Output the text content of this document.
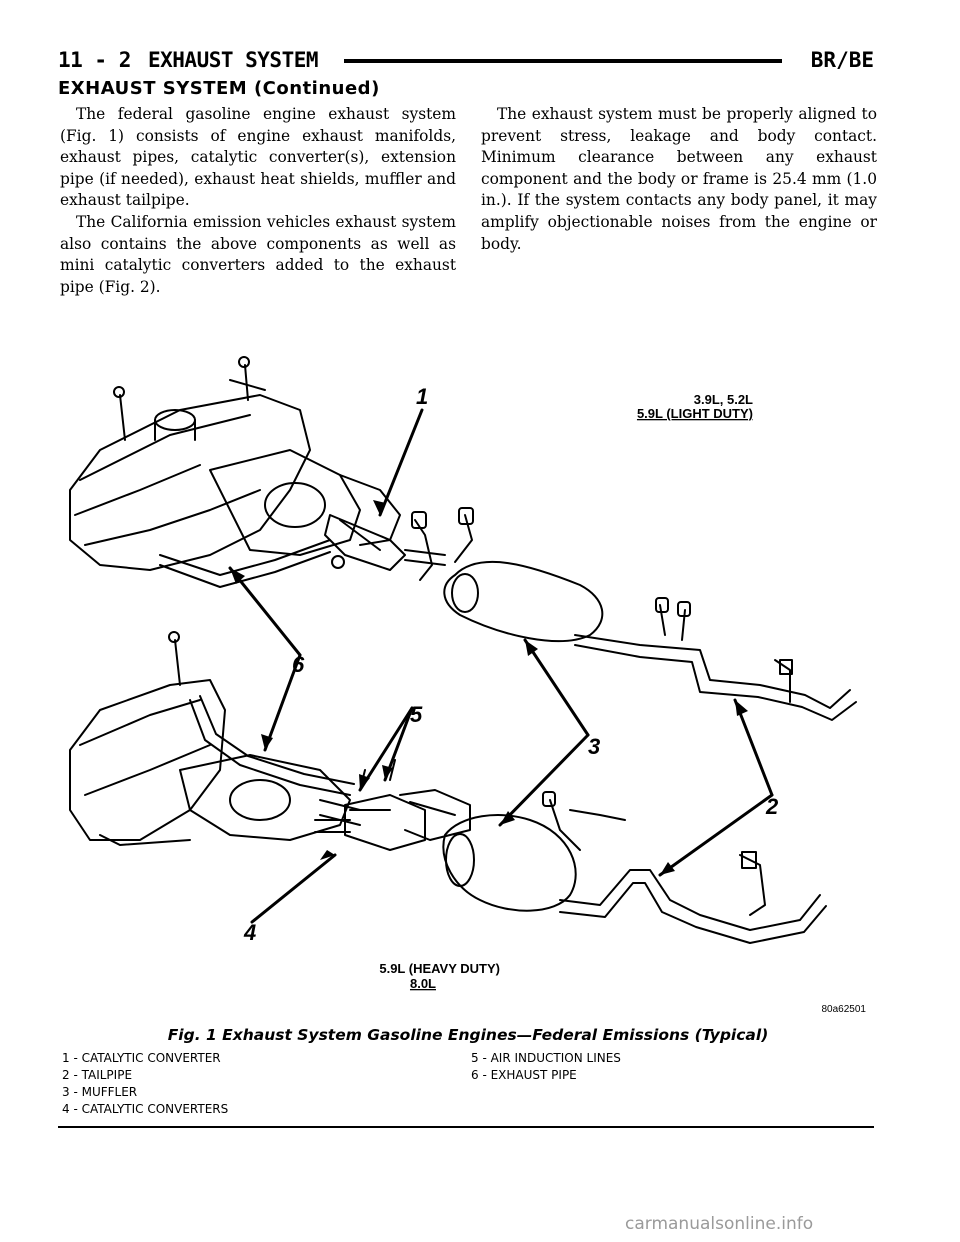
11 - 2 EXHAUST SYSTEM	BR/BE
EXHAUST SYSTEM (Continued)

The federal gasoline engine exhaust system (Fig. 1) consists of engine exhaust manifolds, exhaust pipes, catalytic converter(s), extension pipe (if needed), exhaust heat shields, muffler and exhaust tailpipe.

The California emission vehicles exhaust system also contains the above components as well as mini catalytic converters added to the exhaust pipe (Fig. 2).

The exhaust system must be properly aligned to prevent stress, leakage and body contact. Minimum clearance between any exhaust component and the body or frame is 25.4 mm (1.0 in.). If the system contacts any body panel, it may amplify objectionable noises from the engine or body.

1
2
3
4
5
6
3.9L, 5.2L
5.9L (LIGHT DUTY)
5.9L (HEAVY DUTY)
8.0L
80a62501
Fig. 1 Exhaust System Gasoline Engines—Federal Emissions (Typical)
1 - CATALYTIC CONVERTER
2 - TAILPIPE
3 - MUFFLER
4 - CATALYTIC CONVERTERS
5 - AIR INDUCTION LINES
6 - EXHAUST PIPE
carmanualsonline.info
